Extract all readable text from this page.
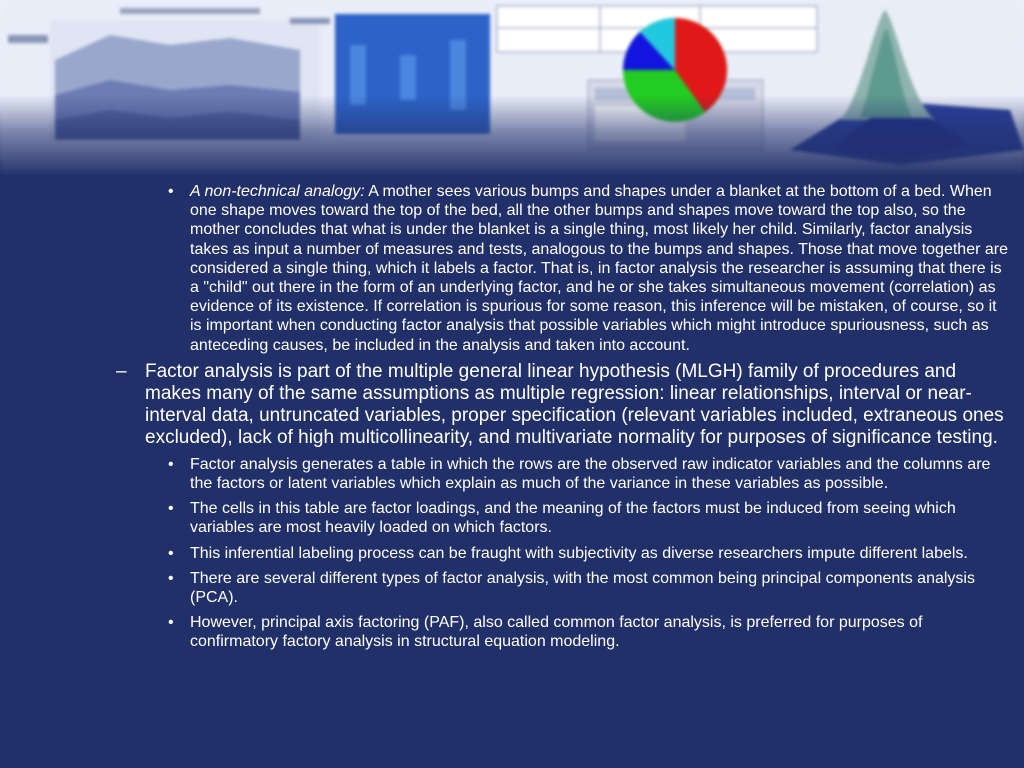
• A non-technical analogy: A mother sees various bumps and shapes under a blanket at the bottom of a bed. When one shape moves toward the top of the bed, all the other bumps and shapes move toward the top also, so the mother concludes that what is under the blanket is a single thing, most likely her child. Similarly, factor analysis takes as input a number of measures and tests, analogous to the bumps and shapes. Those that move together are considered a single thing, which it labels a factor. That is, in factor analysis the researcher is assuming that there is a "child" out there in the form of an underlying factor, and he or she takes simultaneous movement (correlation) as evidence of its existence. If correlation is spurious for some reason, this inference will be mistaken, of course, so it is important when conducting factor analysis that possible variables which might introduce spuriousness, such as anteceding causes, be included in the analysis and taken into account.
– Factor analysis is part of the multiple general linear hypothesis (MLGH) family of procedures and makes many of the same assumptions as multiple regression: linear relationships, interval or near-interval data, untruncated variables, proper specification (relevant variables included, extraneous ones excluded), lack of high multicollinearity, and multivariate normality for purposes of significance testing.
• Factor analysis generates a table in which the rows are the observed raw indicator variables and the columns are the factors or latent variables which explain as much of the variance in these variables as possible.
• The cells in this table are factor loadings, and the meaning of the factors must be induced from seeing which variables are most heavily loaded on which factors.
• This inferential labeling process can be fraught with subjectivity as diverse researchers impute different labels.
• There are several different types of factor analysis, with the most common being principal components analysis (PCA).
• However, principal axis factoring (PAF), also called common factor analysis, is preferred for purposes of confirmatory factory analysis in structural equation modeling.
